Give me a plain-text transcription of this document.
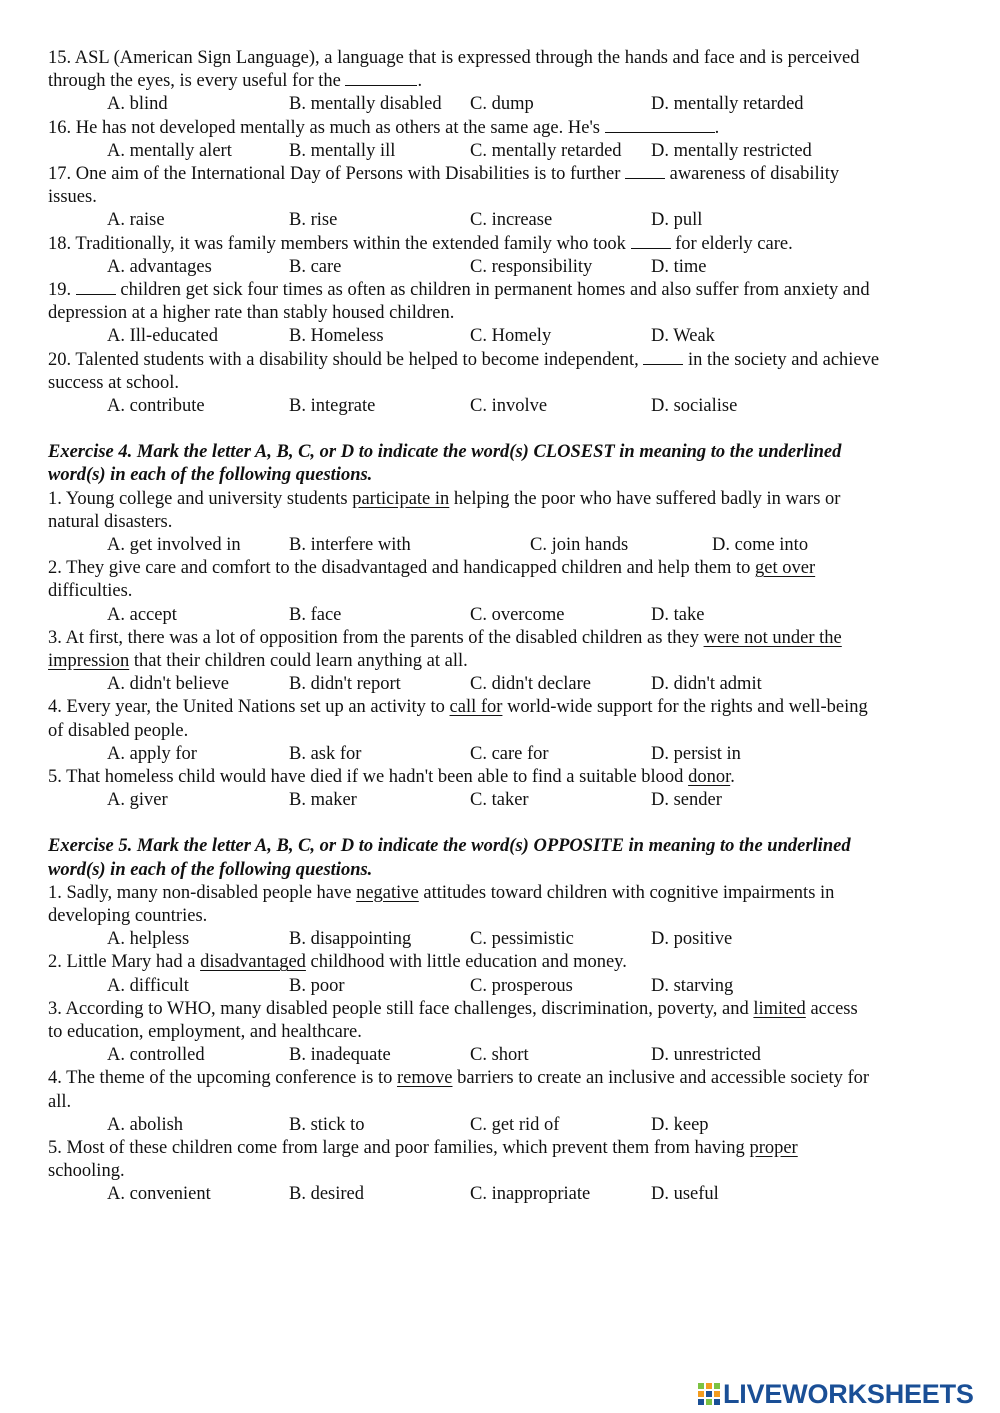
15. ASL (American Sign Language), a language that is expressed through the hands and face and is perceived

through the eyes, is every useful for the	.

A. blind	B. mentally disabled C. dump	D. mentally retarded

16. He has not developed mentally as much as others at the same age. He's	.

A. mentally alert	B. mentally ill	C. mentally retarded D. mentally restricted

17. One aim of the International Day of Persons with Disabilities is to further  awareness of disability

issues.

A. raise	B. rise	C. increase	D. pull

18. Traditionally, it was family members within the extended family who took  for elderly care.

A. advantages	B. care	C. responsibility	D. time

19.  children get sick four times as often as children in permanent homes and also suffer from anxiety and

depression at a higher rate than stably housed children.

A. Ill-educated	B. Homeless	C. Homely	D. Weak

20. Talented students with a disability should be helped to become independent,  in the society and achieve

success at school.

A. contribute	B. integrate	C. involve	D. socialise
Exercise 4. Mark the letter A, B, C, or D to indicate the word(s) CLOSEST in meaning to the underlined
word(s) in each of the following questions.

1. Young college and university students participate in helping the poor who have suffered badly in wars or

natural disasters.

A. get involved in	B. interfere with	C. join hands	D. come into

2. They give care and comfort to the disadvantaged and handicapped children and help them to get over

difficulties.

A. accept	B. face	C. overcome	D. take

3. At first, there was a lot of opposition from the parents of the disabled children as they were not under the

impression that their children could learn anything at all.

A. didn't believe	B. didn't report	C. didn't declare	D. didn't admit

4. Every year, the United Nations set up an activity to call for world-wide support for the rights and well-being

of disabled people.

A. apply for	B. ask for	C. care for	D. persist in

5. That homeless child would have died if we hadn't been able to find a suitable blood donor.

A. giver	B. maker	C. taker	D. sender
Exercise 5. Mark the letter A, B, C, or D to indicate the word(s) OPPOSITE in meaning to the underlined
word(s) in each of the following questions.

1. Sadly, many non-disabled people have negative attitudes toward children with cognitive impairments in

developing countries.

A. helpless	B. disappointing	C. pessimistic	D. positive

2. Little Mary had a disadvantaged childhood with little education and money.

A. difficult	B. poor	C. prosperous	D. starving

3. According to WHO, many disabled people still face challenges, discrimination, poverty, and limited access

to education, employment, and healthcare.

A. controlled	B. inadequate	C. short	D. unrestricted

4. The theme of the upcoming conference is to remove barriers to create an inclusive and accessible society for

all.

A. abolish	B. stick to	C. get rid of	D. keep

5. Most of these children come from large and poor families, which prevent them from having proper

schooling.

A. convenient	B. desired	C. inappropriate	D. useful
LIVEWORKSHEETS
